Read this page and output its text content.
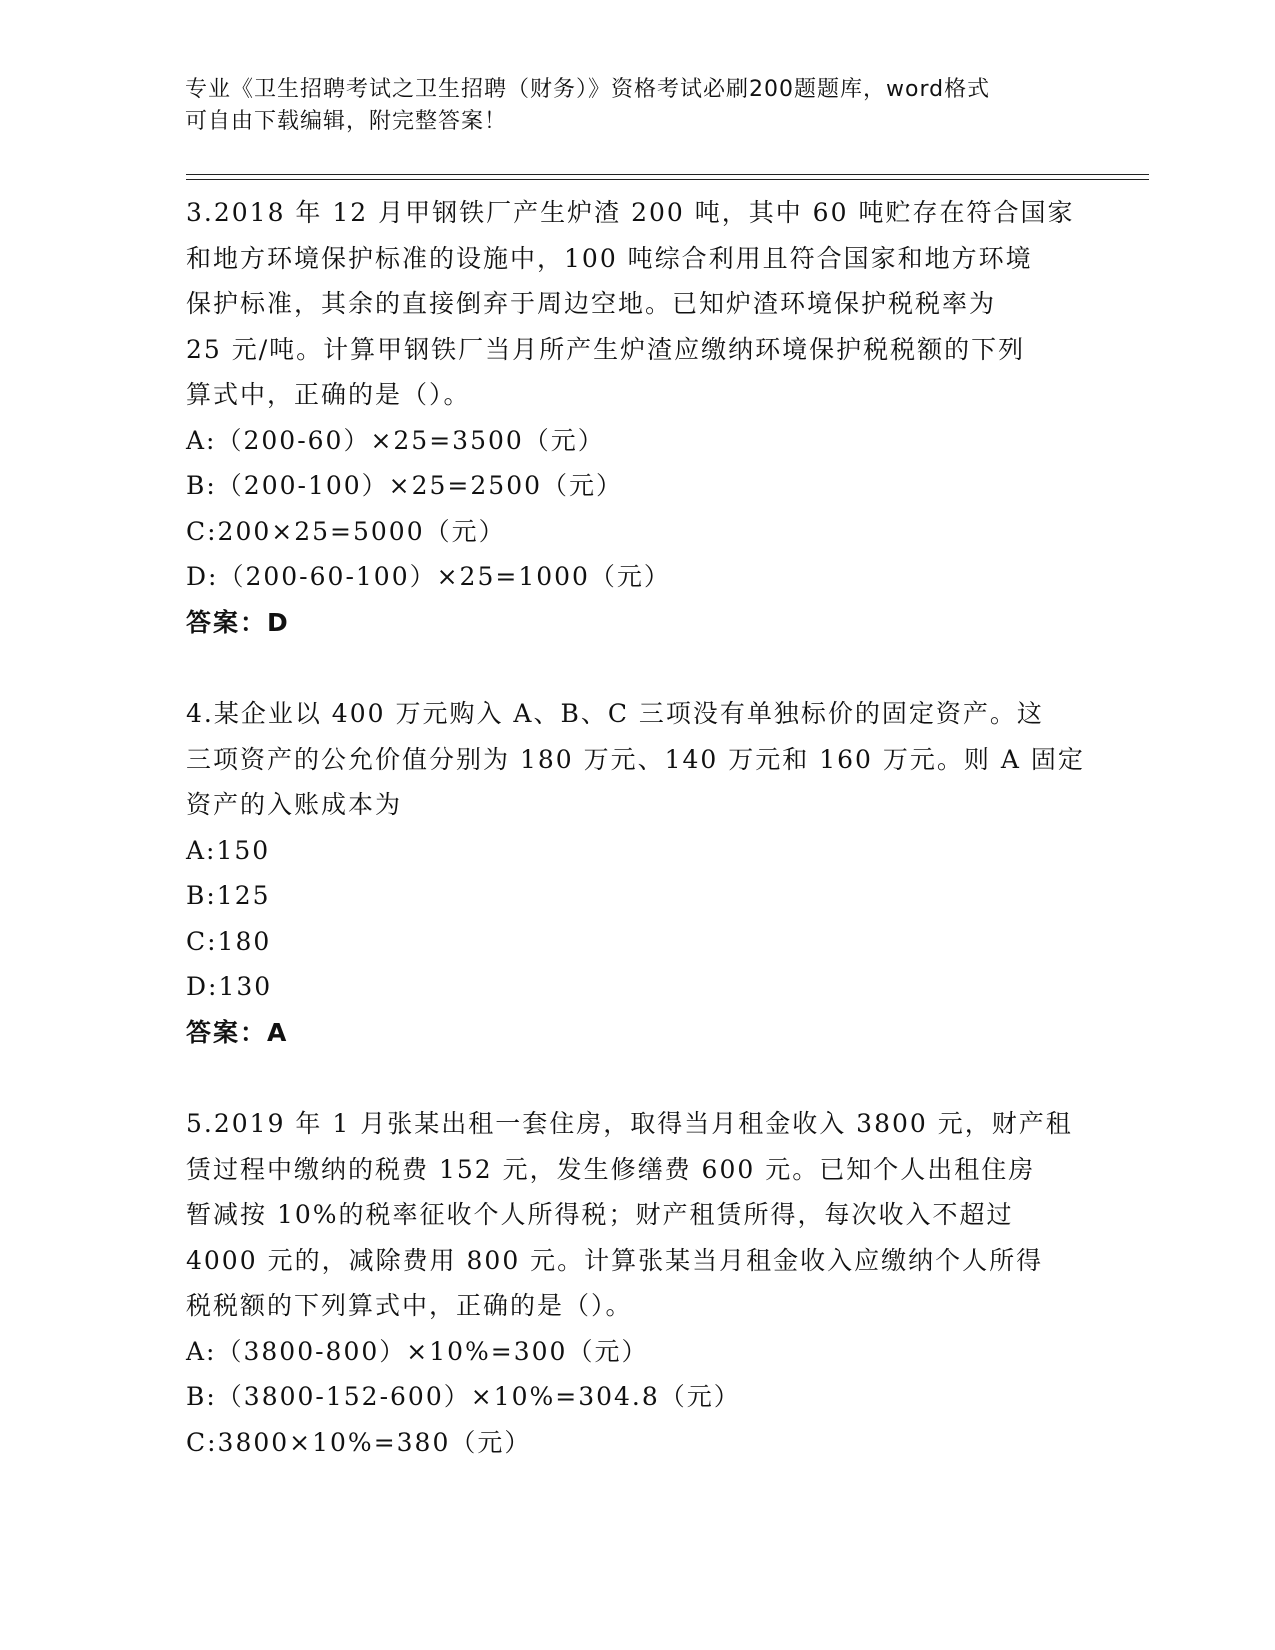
专业《卫生招聘考试之卫生招聘（财务）》资格考试必刷200题题库，word格式
可自由下载编辑，附完整答案！

3.2018 年 12 月甲钢铁厂产生炉渣 200 吨，其中 60 吨贮存在符合国家

和地方环境保护标准的设施中，100 吨综合利用且符合国家和地方环境

保护标准，其余的直接倒弃于周边空地。已知炉渣环境保护税税率为

25 元/吨。计算甲钢铁厂当月所产生炉渣应缴纳环境保护税税额的下列

算式中，正确的是（）。

A:（200-60）×25=3500（元）

B:（200-100）×25=2500（元）

C:200×25=5000（元）

D:（200-60-100）×25=1000（元）

答案：D

4.某企业以 400 万元购入 A、B、C 三项没有单独标价的固定资产。这

三项资产的公允价值分别为 180 万元、140 万元和 160 万元。则 A 固定

资产的入账成本为

A:150

B:125

C:180

D:130

答案：A

5.2019 年 1 月张某出租一套住房，取得当月租金收入 3800 元，财产租

赁过程中缴纳的税费 152 元，发生修缮费 600 元。已知个人出租住房

暂减按 10%的税率征收个人所得税；财产租赁所得，每次收入不超过

4000 元的，减除费用 800 元。计算张某当月租金收入应缴纳个人所得

税税额的下列算式中，正确的是（）。

A:（3800-800）×10%=300（元）

B:（3800-152-600）×10%=304.8（元）

C:3800×10%=380（元）
